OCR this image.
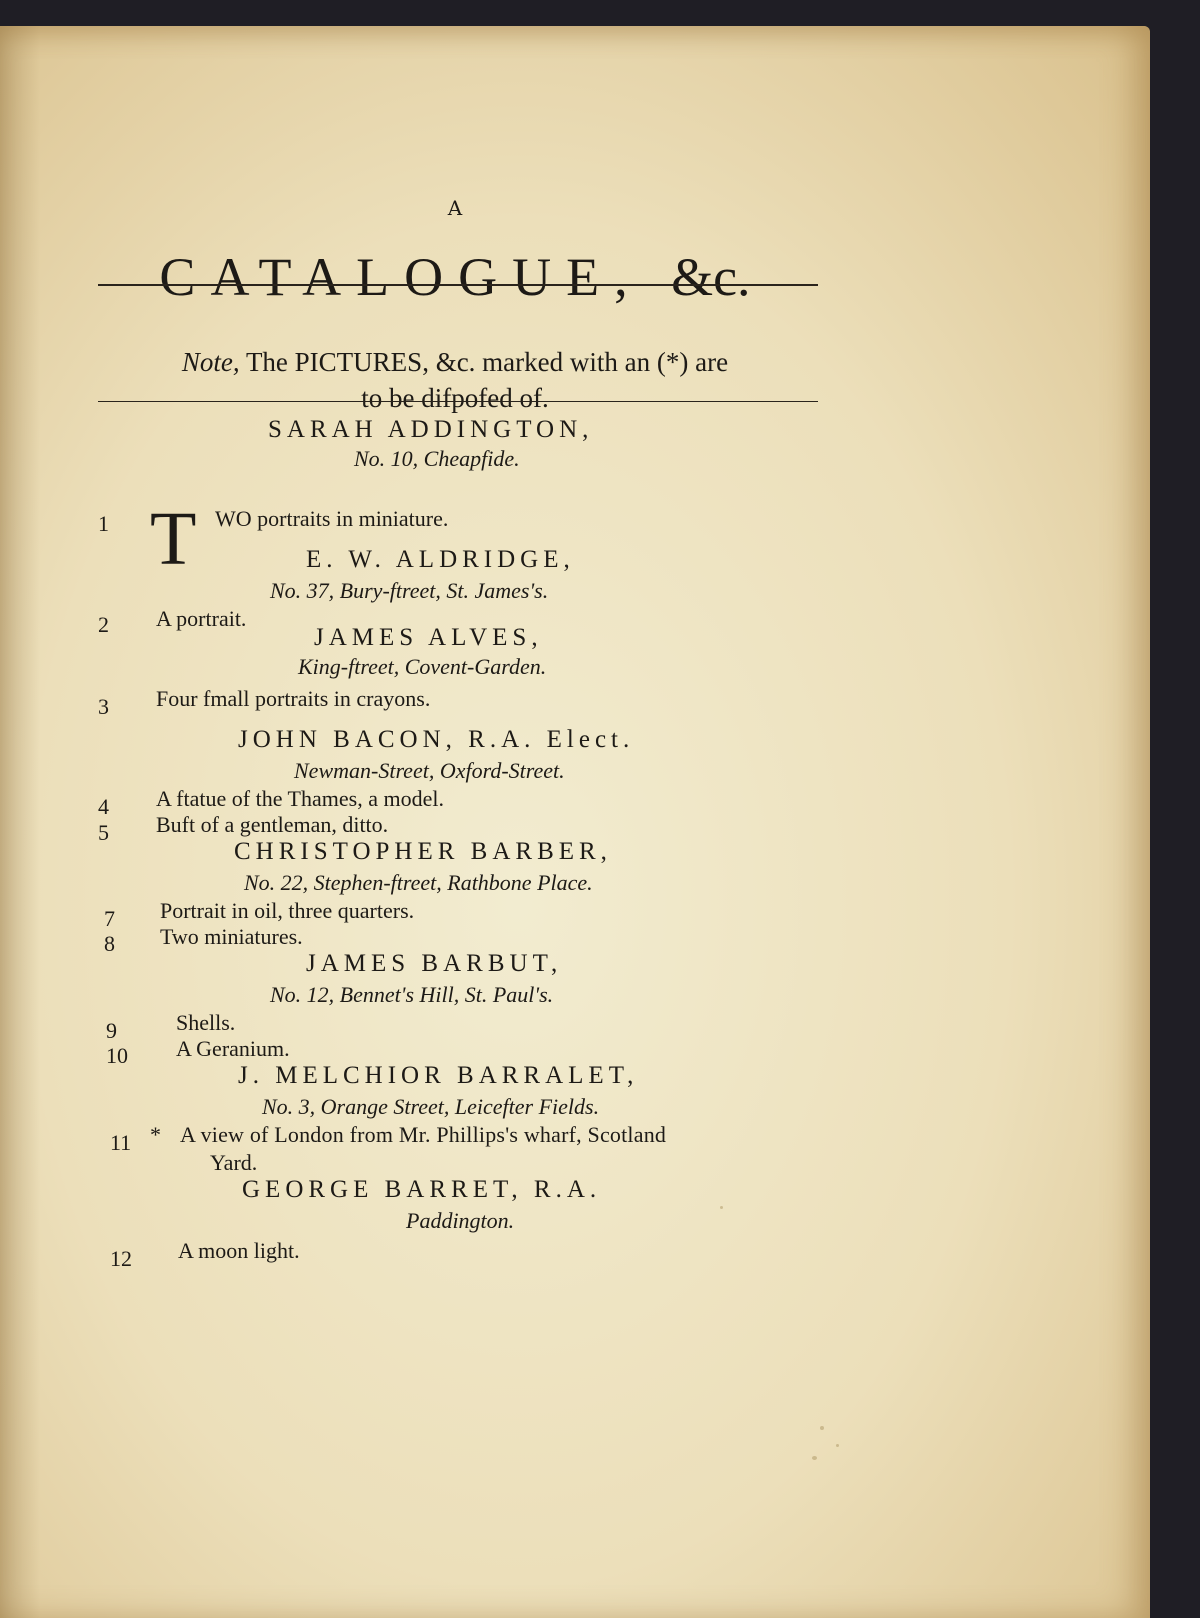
A

CATALOGUE, &c.

Note, The PICTURES, &c. marked with an (*) are
to be difpofed of.

SARAH ADDINGTON,

No. 10, Cheapfide.

1 T WO portraits in miniature.

E. W. ALDRIDGE,

No. 37, Bury-ftreet, St. James's.

2 A portrait.

JAMES ALVES,

King-ftreet, Covent-Garden.

3 Four fmall portraits in crayons.

JOHN BACON, R.A. Elect.

Newman-Street, Oxford-Street.

4 A ftatue of the Thames, a model.

5 Buft of a gentleman, ditto.

CHRISTOPHER BARBER,

No. 22, Stephen-ftreet, Rathbone Place.

7 Portrait in oil, three quarters.

8 Two miniatures.

JAMES BARBUT,

No. 12, Bennet's Hill, St. Paul's.

9	Shells.

10 A Geranium.

J. MELCHIOR BARRALET,

No. 3, Orange Street, Leicefter Fields.

11 * A view of London from Mr. Phillips's wharf, Scotland

Yard.

GEORGE BARRET, R.A.

Paddington.

12 A moon light.
